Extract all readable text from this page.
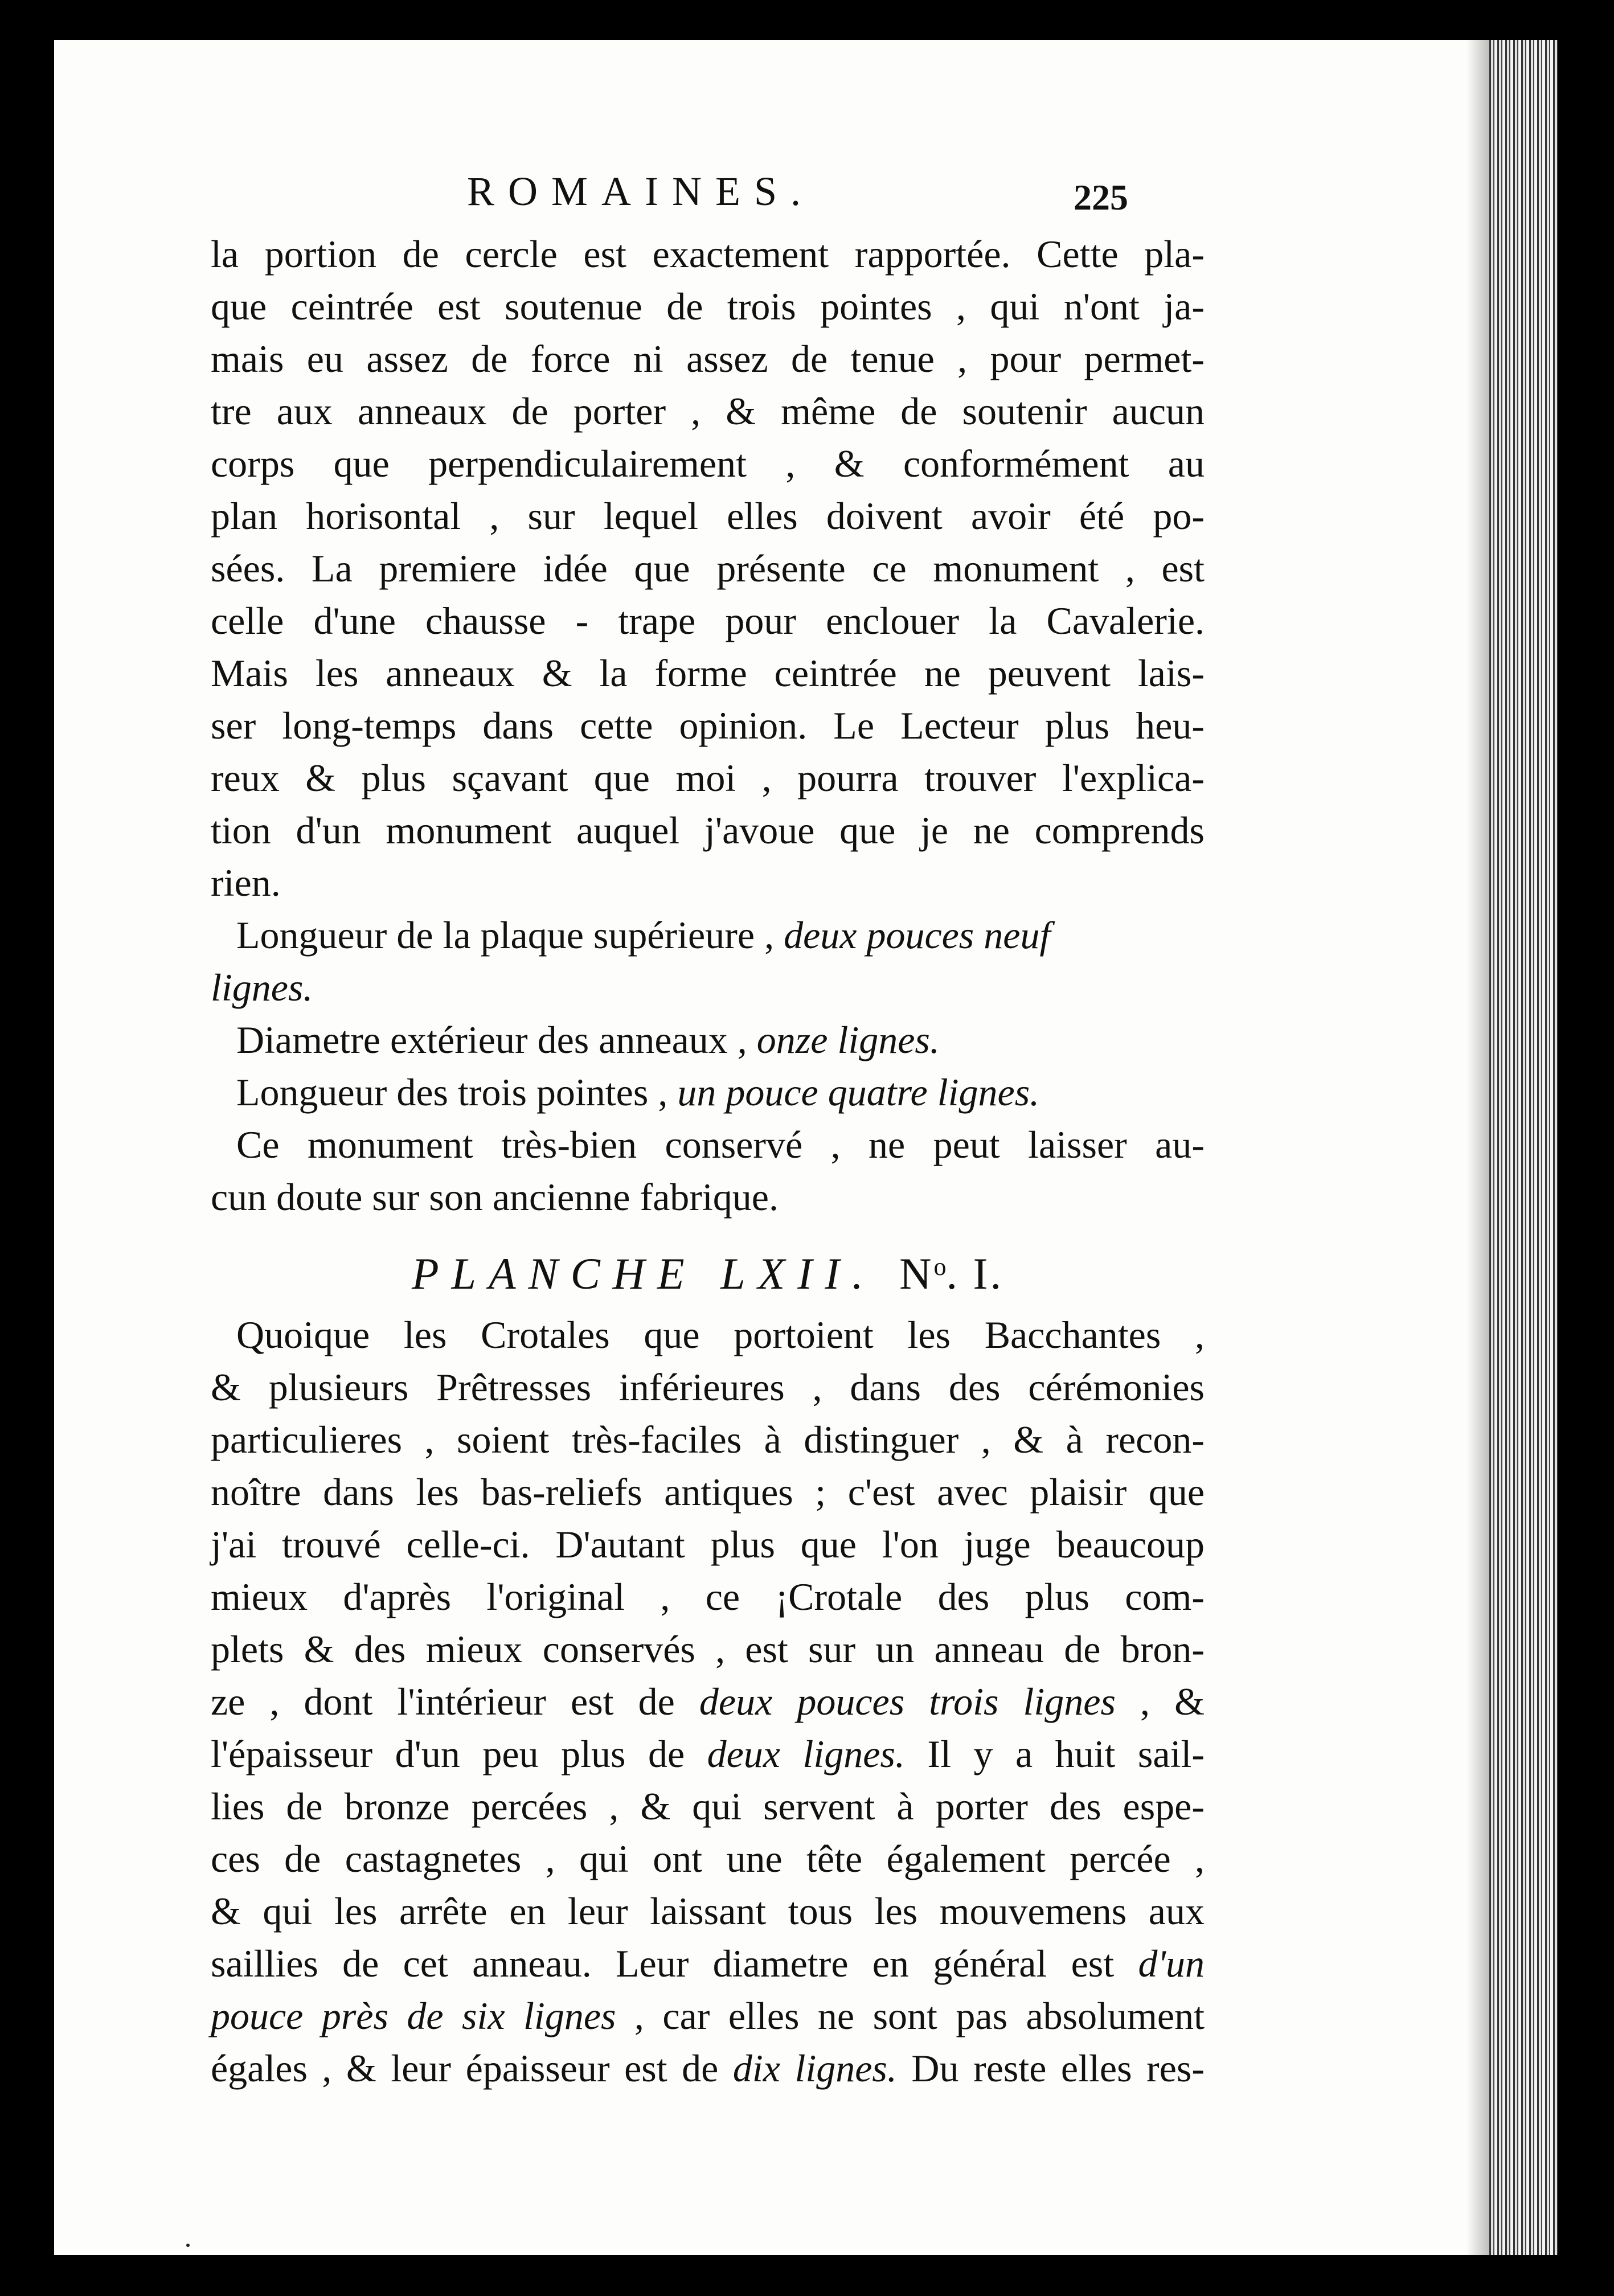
ROMAINES.	225
la portion de cercle est exactement rapportée. Cette pla-
que ceintrée est soutenue de trois pointes , qui n'ont ja-
mais eu assez de force ni assez de tenue , pour permet-
tre aux anneaux de porter , & même de soutenir aucun
corps que perpendiculairement , & conformément au
plan horisontal , sur lequel elles doivent avoir été po-
sées. La premiere idée que présente ce monument , est
celle d'une chausse - trape pour enclouer la Cavalerie.
Mais les anneaux & la forme ceintrée ne peuvent lais-
ser long-temps dans cette opinion. Le Lecteur plus heu-
reux & plus sçavant que moi , pourra trouver l'explica-
tion d'un monument auquel j'avoue que je ne comprends
rien.
Longueur de la plaque supérieure , deux pouces neuf
lignes.
Diametre extérieur des anneaux , onze lignes.
Longueur des trois pointes , un pouce quatre lignes.
Ce monument très-bien conservé , ne peut laisser au-
cun doute sur son ancienne fabrique.
PLANCHE LXII. $N^o$. I.
Quoique les Crotales que portoient les Bacchantes ,
& plusieurs Prêtresses inférieures , dans des cérémonies
particulieres , soient très-faciles à distinguer , & à recon-
noître dans les bas-reliefs antiques ; c'est avec plaisir que
j'ai trouvé celle-ci. D'autant plus que l'on juge beaucoup
mieux d'après l'original , ce ¡Crotale des plus com-
plets & des mieux conservés , est sur un anneau de bron-
ze , dont l'intérieur est de deux pouces trois lignes , &
l'épaisseur d'un peu plus de deux lignes. Il y a huit sail-
lies de bronze percées , & qui servent à porter des espe-
ces de castagnetes , qui ont une tête également percée ,
& qui les arrête en leur laissant tous les mouvemens aux
saillies de cet anneau. Leur diametre en général est d'un
pouce près de six lignes , car elles ne sont pas absolument
égales , & leur épaisseur est de dix lignes. Du reste elles res-
